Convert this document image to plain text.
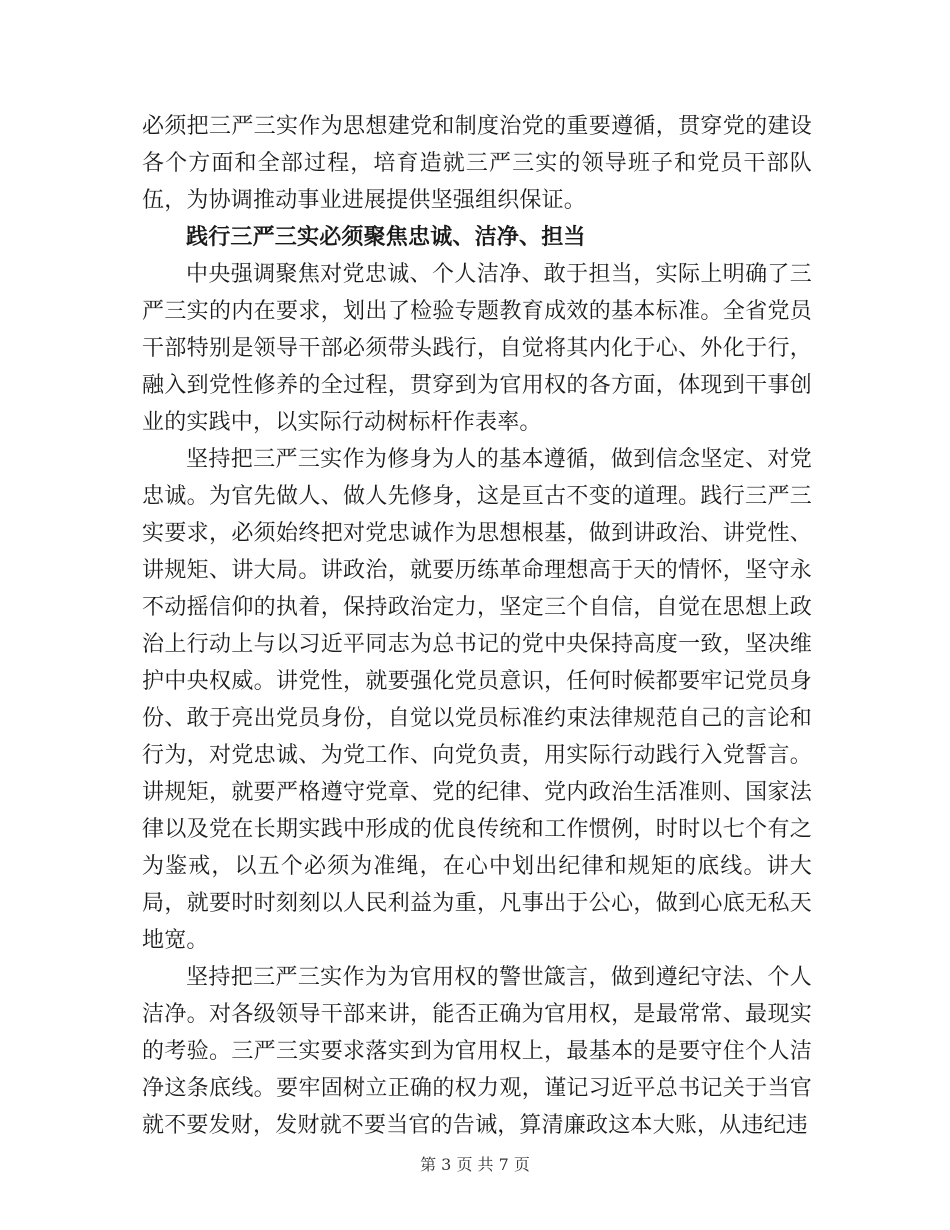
必须把三严三实作为思想建党和制度治党的重要遵循，贯穿党的建设各个方面和全部过程，培育造就三严三实的领导班子和党员干部队伍，为协调推动事业进展提供坚强组织保证。

践行三严三实必须聚焦忠诚、洁净、担当

中央强调聚焦对党忠诚、个人洁净、敢于担当，实际上明确了三严三实的内在要求，划出了检验专题教育成效的基本标准。全省党员干部特别是领导干部必须带头践行，自觉将其内化于心、外化于行，融入到党性修养的全过程，贯穿到为官用权的各方面，体现到干事创业的实践中，以实际行动树标杆作表率。

坚持把三严三实作为修身为人的基本遵循，做到信念坚定、对党忠诚。为官先做人、做人先修身，这是亘古不变的道理。践行三严三实要求，必须始终把对党忠诚作为思想根基，做到讲政治、讲党性、讲规矩、讲大局。讲政治，就要历练革命理想高于天的情怀，坚守永不动摇信仰的执着，保持政治定力，坚定三个自信，自觉在思想上政治上行动上与以习近平同志为总书记的党中央保持高度一致，坚决维护中央权威。讲党性，就要强化党员意识，任何时候都要牢记党员身份、敢于亮出党员身份，自觉以党员标准约束法律规范自己的言论和行为，对党忠诚、为党工作、向党负责，用实际行动践行入党誓言。讲规矩，就要严格遵守党章、党的纪律、党内政治生活准则、国家法律以及党在长期实践中形成的优良传统和工作惯例，时时以七个有之为鉴戒，以五个必须为准绳，在心中划出纪律和规矩的底线。讲大局，就要时时刻刻以人民利益为重，凡事出于公心，做到心底无私天地宽。

坚持把三严三实作为为官用权的警世箴言，做到遵纪守法、个人洁净。对各级领导干部来讲，能否正确为官用权，是最常常、最现实的考验。三严三实要求落实到为官用权上，最基本的是要守住个人洁净这条底线。要牢固树立正确的权力观，谨记习近平总书记关于当官就不要发财，发财就不要当官的告诫，算清廉政这本大账，从违纪违

第 3 页 共 7 页
